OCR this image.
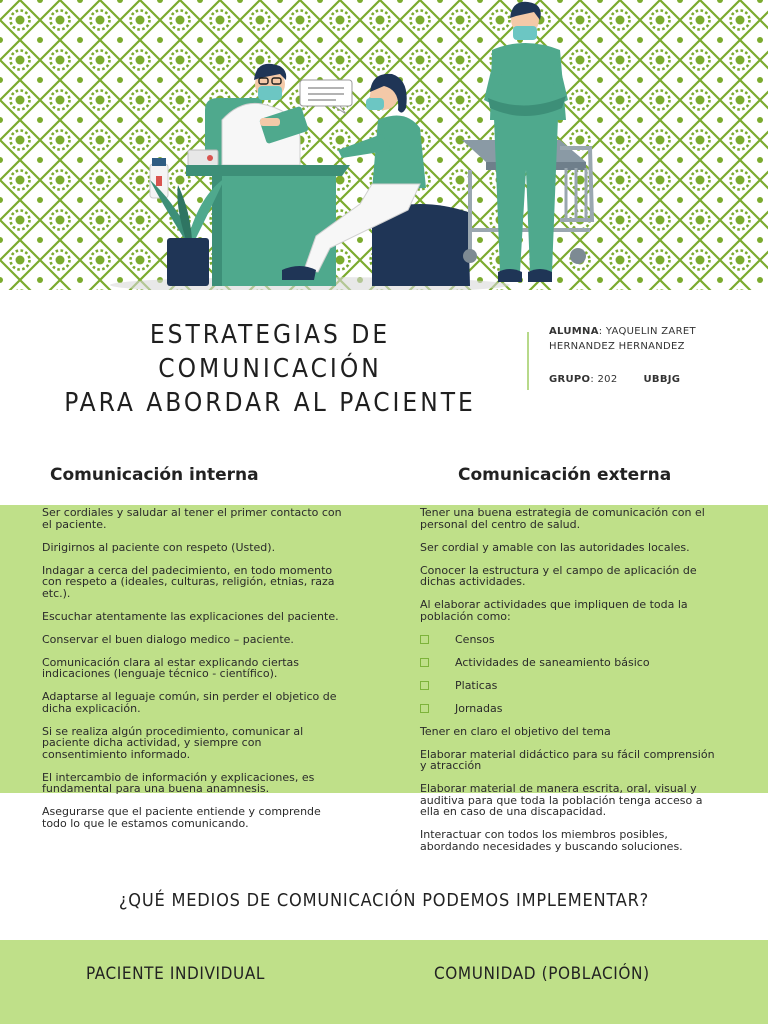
ESTRATEGIAS DE COMUNICACIÓN
PARA ABORDAR AL PACIENTE
ALUMNA: YAQUELIN ZARET HERNANDEZ HERNANDEZ
GRUPO: 202	UBBJG
Comunicación interna

Ser cordiales y saludar al tener el primer contacto con el paciente.

Dirigirnos al paciente con respeto (Usted).

Indagar a cerca del padecimiento, en todo momento con respeto a (ideales, culturas, religión, etnias, raza etc.).

Escuchar atentamente las explicaciones del paciente.

Conservar el buen dialogo medico – paciente.

Comunicación clara al estar explicando ciertas indicaciones (lenguaje técnico - científico).

Adaptarse al leguaje común, sin perder el objetico de dicha explicación.

Si se realiza algún procedimiento, comunicar al paciente dicha actividad, y siempre con consentimiento informado.

El intercambio de información y explicaciones, es fundamental para una buena anamnesis.

Asegurarse que el paciente entiende y comprende todo lo que le estamos comunicando.

Comunicación externa

Tener una buena estrategia de comunicación con el personal del centro de salud.

Ser cordial y amable con las autoridades locales.

Conocer la estructura y el campo de aplicación de dichas actividades.

Al elaborar actividades que impliquen de toda la población como:

Censos
Actividades de saneamiento básico
Platicas
Jornadas

Tener en claro el objetivo del tema

Elaborar material didáctico para su fácil comprensión y atracción

Elaborar material de manera escrita, oral, visual y auditiva para que toda la población tenga acceso a ella en caso de una discapacidad.

Interactuar con todos los miembros posibles, abordando necesidades y buscando soluciones.

¿QUÉ MEDIOS DE COMUNICACIÓN PODEMOS IMPLEMENTAR?
PACIENTE INDIVIDUAL	COMUNIDAD (POBLACIÓN)
